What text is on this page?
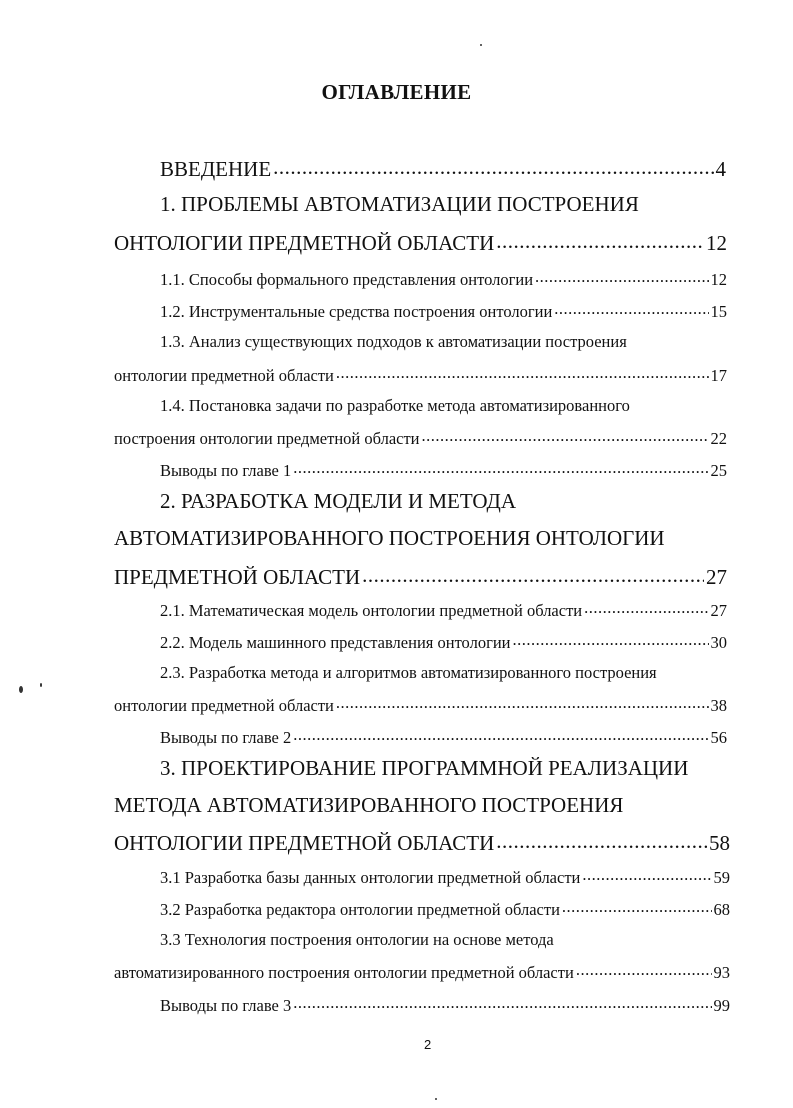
ОГЛАВЛЕНИЕ
ВВЕДЕНИЕ .....	4
1. ПРОБЛЕМЫ АВТОМАТИЗАЦИИ ПОСТРОЕНИЯ
ОНТОЛОГИИ ПРЕДМЕТНОЙ ОБЛАСТИ .....	12
1.1. Способы формального представления онтологии .....	12
1.2. Инструментальные средства построения онтологии .....	15
1.3. Анализ существующих подходов к автоматизации построения
онтологии предметной области .....	17
1.4. Постановка задачи по разработке метода автоматизированного
построения онтологии предметной области .....	22
Выводы по главе 1 .....	25
2. РАЗРАБОТКА МОДЕЛИ И МЕТОДА
АВТОМАТИЗИРОВАННОГО ПОСТРОЕНИЯ ОНТОЛОГИИ
ПРЕДМЕТНОЙ ОБЛАСТИ .....	27
2.1. Математическая модель онтологии предметной области .....	27
2.2. Модель машинного представления онтологии .....	30
2.3. Разработка метода и алгоритмов автоматизированного построения
онтологии предметной области .....	38
Выводы по главе 2 .....	56
3. ПРОЕКТИРОВАНИЕ ПРОГРАММНОЙ РЕАЛИЗАЦИИ
МЕТОДА АВТОМАТИЗИРОВАННОГО ПОСТРОЕНИЯ
ОНТОЛОГИИ ПРЕДМЕТНОЙ ОБЛАСТИ .....	58
3.1 Разработка базы данных онтологии предметной области .....	59
3.2 Разработка редактора онтологии предметной области .....	68
3.3 Технология построения онтологии на основе метода
автоматизированного построения онтологии предметной области .....	93
Выводы по главе 3 .....	99
2
